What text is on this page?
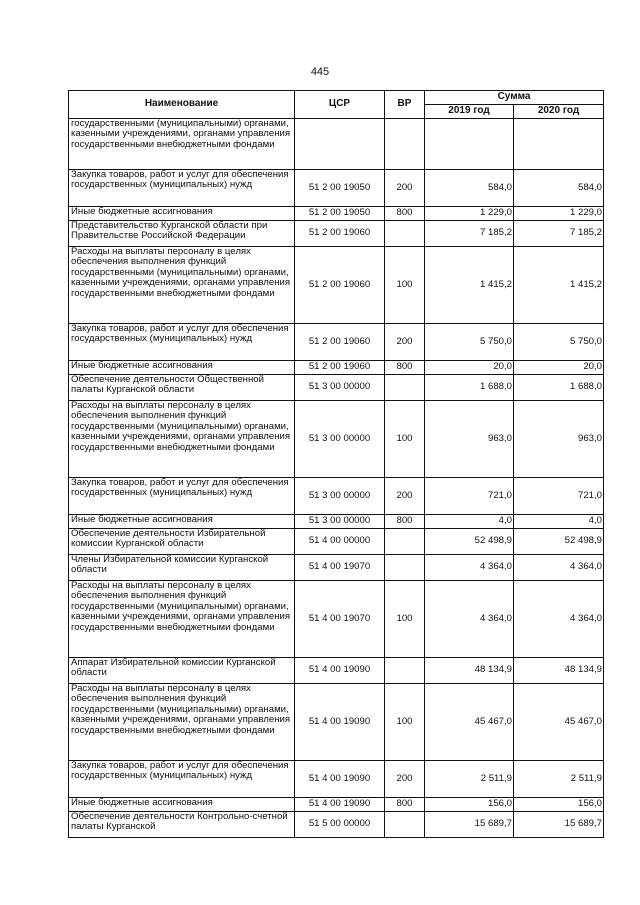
445
Наименование	ЦСР	ВР	Сумма	
			2019 год	2020 год
государственными (муниципальными) органами, казенными учреждениями, органами управления государственными внебюджетными фондами				
Закупка товаров, работ и услуг для обеспечения государственных (муниципальных) нужд	51 2 00 19050	200	584,0	584,0
Иные бюджетные ассигнования	51 2 00 19050	800	1 229,0	1 229,0
Представительство Курганской области при Правительстве Российской Федерации	51 2 00 19060		7 185,2	7 185,2
Расходы на выплаты персоналу в целях обеспечения выполнения функций государственными (муниципальными) органами, казенными учреждениями, органами управления государственными внебюджетными фондами	51 2 00 19060	100	1 415,2	1 415,2
Закупка товаров, работ и услуг для обеспечения государственных (муниципальных) нужд	51 2 00 19060	200	5 750,0	5 750,0
Иные бюджетные ассигнования	51 2 00 19060	800	20,0	20,0
Обеспечение деятельности Общественной палаты Курганской области	51 3 00 00000		1 688,0	1 688,0
Расходы на выплаты персоналу в целях обеспечения выполнения функций государственными (муниципальными) органами, казенными учреждениями, органами управления государственными внебюджетными фондами	51 3 00 00000	100	963,0	963,0
Закупка товаров, работ и услуг для обеспечения государственных (муниципальных) нужд	51 3 00 00000	200	721,0	721,0
Иные бюджетные ассигнования	51 3 00 00000	800	4,0	4,0
Обеспечение деятельности Избирательной комиссии Курганской области	51 4 00 00000		52 498,9	52 498,9
Члены Избирательной комиссии Курганской области	51 4 00 19070		4 364,0	4 364,0
Расходы на выплаты персоналу в целях обеспечения выполнения функций государственными (муниципальными) органами, казенными учреждениями, органами управления государственными внебюджетными фондами	51 4 00 19070	100	4 364,0	4 364,0
Аппарат Избирательной комиссии Курганской области	51 4 00 19090		48 134,9	48 134,9
Расходы на выплаты персоналу в целях обеспечения выполнения функций государственными (муниципальными) органами, казенными учреждениями, органами управления государственными внебюджетными фондами	51 4 00 19090	100	45 467,0	45 467,0
Закупка товаров, работ и услуг для обеспечения государственных (муниципальных) нужд	51 4 00 19090	200	2 511,9	2 511,9
Иные бюджетные ассигнования	51 4 00 19090	800	156,0	156,0
Обеспечение деятельности Контрольно-счетной палаты Курганской	51 5 00 00000		15 689,7	15 689,7
